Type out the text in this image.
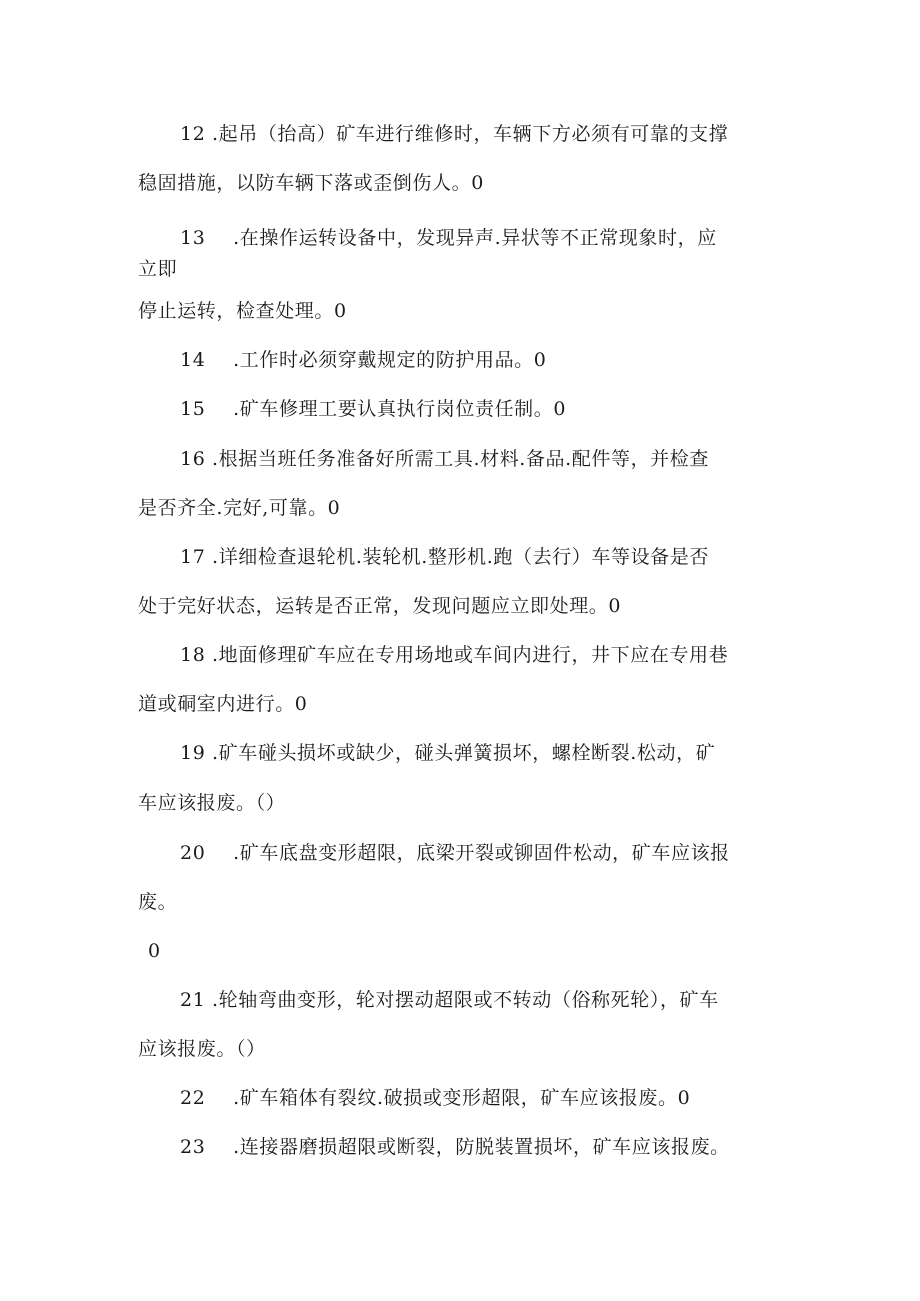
12 .起吊（抬高）矿车进行维修时，车辆下方必须有可靠的支撑
稳固措施，以防车辆下落或歪倒伤人。0
13	.在操作运转设备中，发现异声.异状等不正常现象时，应
立即
停止运转，检查处理。0
14	.工作时必须穿戴规定的防护用品。0
15	.矿车修理工要认真执行岗位责任制。0
16 .根据当班任务准备好所需工具.材料.备品.配件等，并检查
是否齐全.完好,可靠。0
17 .详细检查退轮机.装轮机.整形机.跑（去行）车等设备是否
处于完好状态，运转是否正常，发现问题应立即处理。0
18 .地面修理矿车应在专用场地或车间内进行，井下应在专用巷
道或硐室内进行。0
19 .矿车碰头损坏或缺少，碰头弹簧损坏，螺栓断裂.松动，矿
车应该报废。（）
20	.矿车底盘变形超限，底梁开裂或铆固件松动，矿车应该报
废。
0
21 .轮轴弯曲变形，轮对摆动超限或不转动（俗称死轮），矿车
应该报废。（）
22	.矿车箱体有裂纹.破损或变形超限，矿车应该报废。0
23	.连接器磨损超限或断裂，防脱装置损坏，矿车应该报废。
